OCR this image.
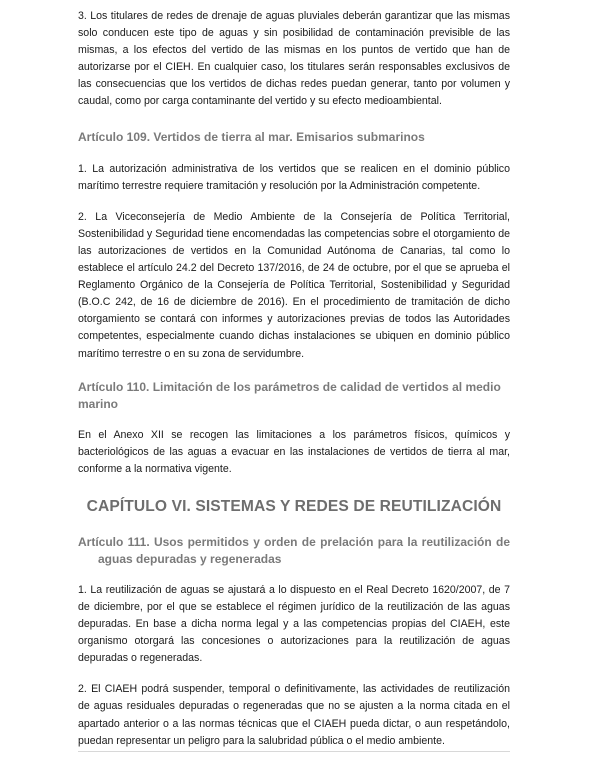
3. Los titulares de redes de drenaje de aguas pluviales deberán garantizar que las mismas solo conducen este tipo de aguas y sin posibilidad de contaminación previsible de las mismas, a los efectos del vertido de las mismas en los puntos de vertido que han de autorizarse por el CIEH. En cualquier caso, los titulares serán responsables exclusivos de las consecuencias que los vertidos de dichas redes puedan generar, tanto por volumen y caudal, como por carga contaminante del vertido y su efecto medioambiental.

Artículo 109. Vertidos de tierra al mar. Emisarios submarinos

1. La autorización administrativa de los vertidos que se realicen en el dominio público marítimo terrestre requiere tramitación y resolución por la Administración competente.

2. La Viceconsejería de Medio Ambiente de la Consejería de Política Territorial, Sostenibilidad y Seguridad tiene encomendadas las competencias sobre el otorgamiento de las autorizaciones de vertidos en la Comunidad Autónoma de Canarias, tal como lo establece el artículo 24.2 del Decreto 137/2016, de 24 de octubre, por el que se aprueba el Reglamento Orgánico de la Consejería de Política Territorial, Sostenibilidad y Seguridad (B.O.C 242, de 16 de diciembre de 2016). En el procedimiento de tramitación de dicho otorgamiento se contará con informes y autorizaciones previas de todos las Autoridades competentes, especialmente cuando dichas instalaciones se ubiquen en dominio público marítimo terrestre o en su zona de servidumbre.

Artículo 110. Limitación de los parámetros de calidad de vertidos al medio marino

En el Anexo XII se recogen las limitaciones a los parámetros físicos, químicos y bacteriológicos de las aguas a evacuar en las instalaciones de vertidos de tierra al mar, conforme a la normativa vigente.

CAPÍTULO VI. SISTEMAS Y REDES DE REUTILIZACIÓN

Artículo 111. Usos permitidos y orden de prelación para la reutilización de aguas depuradas y regeneradas

1. La reutilización de aguas se ajustará a lo dispuesto en el Real Decreto 1620/2007, de 7 de diciembre, por el que se establece el régimen jurídico de la reutilización de las aguas depuradas. En base a dicha norma legal y a las competencias propias del CIAEH, este organismo otorgará las concesiones o autorizaciones para la reutilización de aguas depuradas o regeneradas.

2. El CIAEH podrá suspender, temporal o definitivamente, las actividades de reutilización de aguas residuales depuradas o regeneradas que no se ajusten a la norma citada en el apartado anterior o a las normas técnicas que el CIAEH pueda dictar, o aun respetándolo, puedan representar un peligro para la salubridad pública o el medio ambiente.
